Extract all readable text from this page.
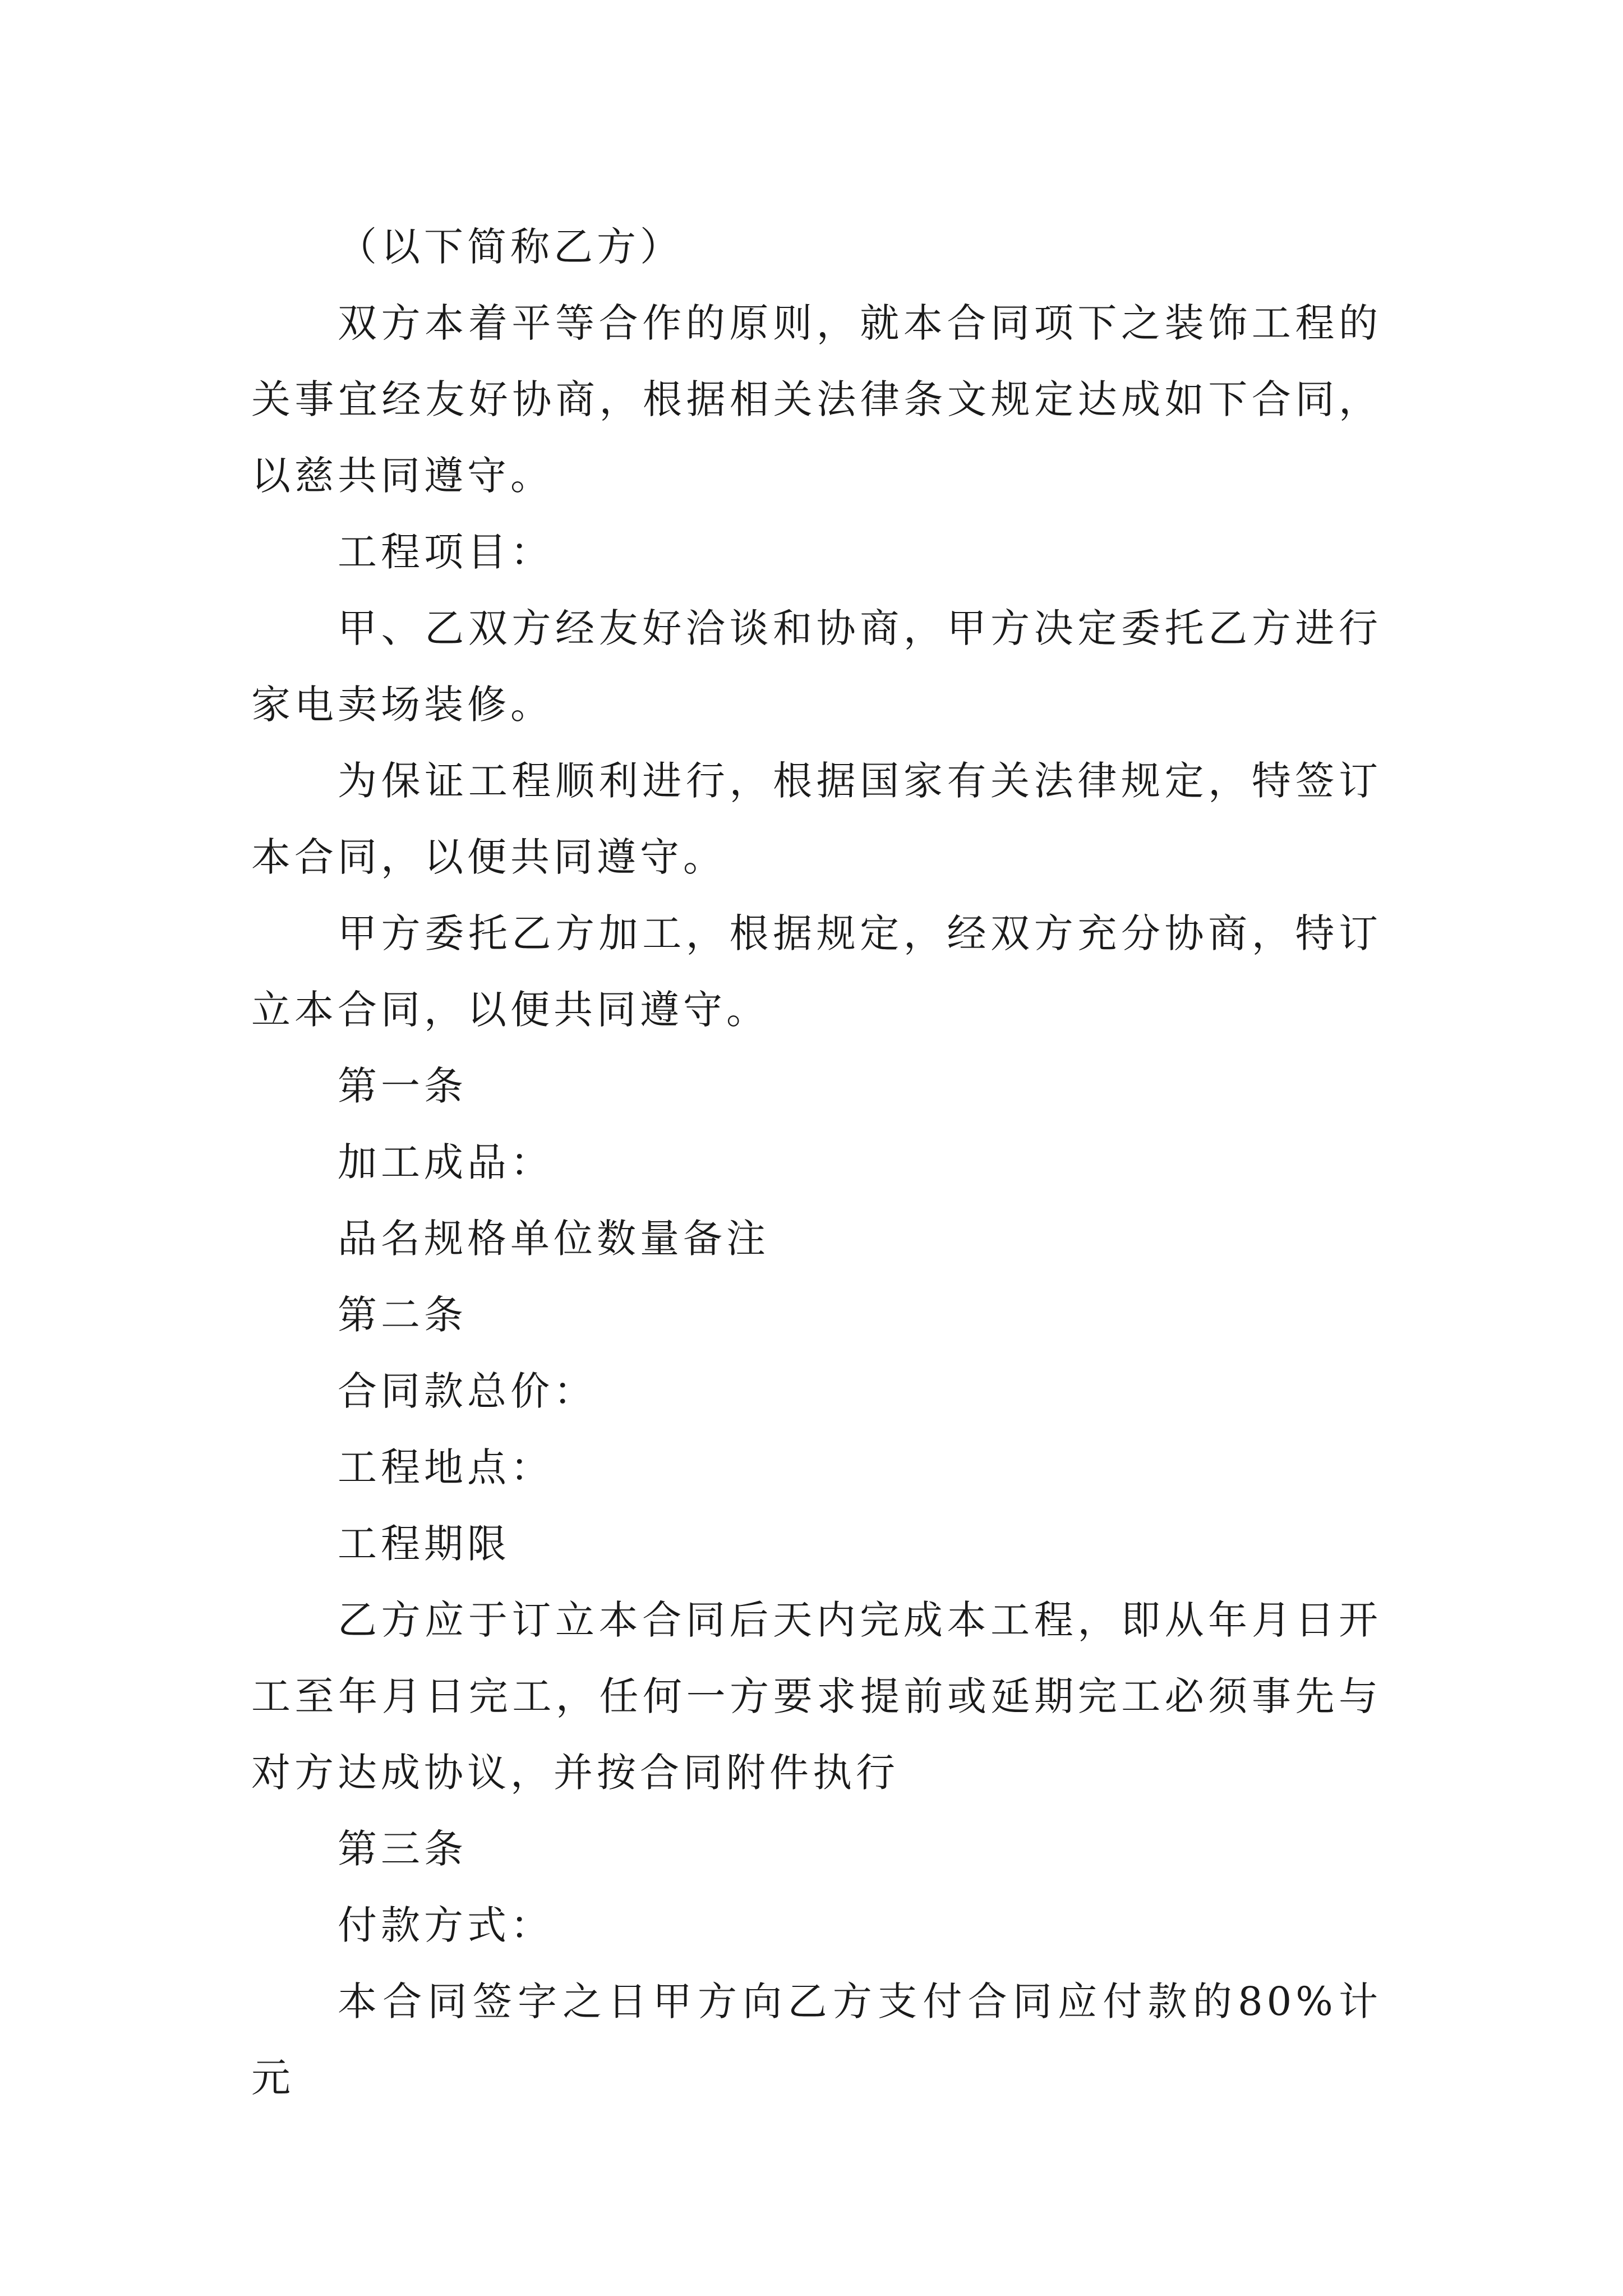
（以下简称乙方）

双方本着平等合作的原则，就本合同项下之装饰工程的关事宜经友好协商，根据相关法律条文规定达成如下合同，以慈共同遵守。

工程项目：

甲、乙双方经友好洽谈和协商，甲方决定委托乙方进行家电卖场装修。

为保证工程顺利进行，根据国家有关法律规定，特签订本合同，以便共同遵守。

甲方委托乙方加工，根据规定，经双方充分协商，特订立本合同，以便共同遵守。

第一条

加工成品：

品名规格单位数量备注

第二条

合同款总价：

工程地点：

工程期限

乙方应于订立本合同后天内完成本工程，即从年月日开工至年月日完工，任何一方要求提前或延期完工必须事先与对方达成协议，并按合同附件执行

第三条

付款方式：

本合同签字之日甲方向乙方支付合同应付款的80%计元
